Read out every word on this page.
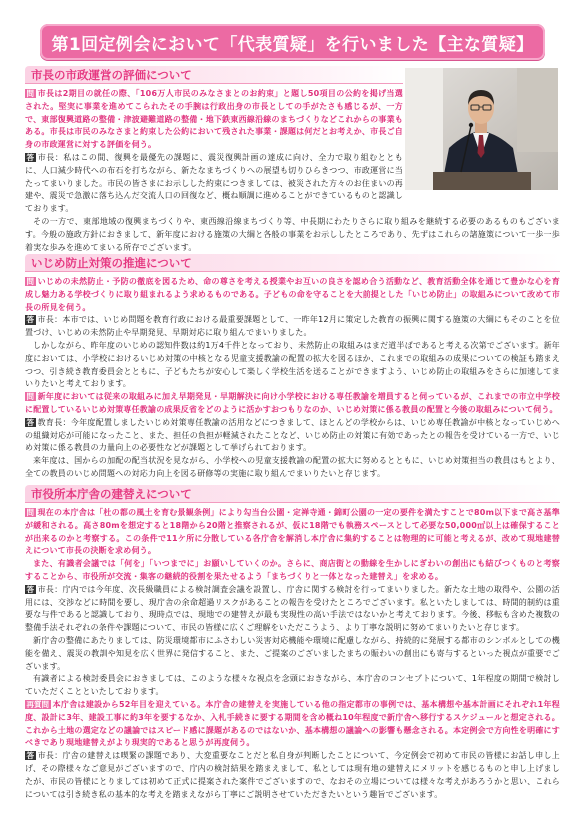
第1回定例会において「代表質疑」を行いました【主な質疑】
市長の市政運営の評価について

問 市長は2期目の就任の際、「106万人市民のみなさまとのお約束」と題し50項目の公約を掲げ当選された。堅実に事業を進めてこられたその手腕は行政出身の市長としての手がたさも感じるが、一方で、東部復興道路の整備・津波避難道路の整備・地下鉄東西線沿線のまちづくりなどこれからの事業もある。市長は市民のみなさまと約束した公約において残された事業・課題は何だとお考えか、市長ご自身の市政運営に対する評価を伺う。

答 市長：私はこの間、復興を最優先の課題に、震災復興計画の達成に向け、全力で取り組むとともに、人口減少時代への布石を打ちながら、新たなまちづくりへの展望も切りひらきつつ、市政運営に当たってまいりました。市民の皆さまにお示しした約束につきましては、被災された方々のお住まいの再建や、震災で急激に落ち込んだ交流人口の回復など、概ね順調に進めることができているものと認識しております。

その一方で、東部地域の復興まちづくりや、東西線沿線まちづくり等、中長期にわたりさらに取り組みを継続する必要のあるものもございます。今般の施政方針におきまして、新年度における施策の大綱と各般の事業をお示ししたところであり、先ずはこれらの諸施策について一歩一歩着実な歩みを進めてまいる所存でございます。

いじめ防止対策の推進について

問 いじめの未然防止・予防の徹底を図るため、命の尊さを考える授業やお互いの良さを認め合う活動など、教育活動全体を通じて豊かな心を育成し魅力ある学校づくりに取り組まれるよう求めるものである。子どもの命を守ることを大前提とした「いじめ防止」の取組みについて改めて市長の所見を伺う。

答 市長：本市では、いじめ問題を教育行政における最重要課題として、一昨年12月に策定した教育の振興に関する施策の大綱にもそのことを位置づけ、いじめの未然防止や早期発見、早期対応に取り組んでまいりました。

しかしながら、昨年度のいじめの認知件数は約1万4千件となっており、未然防止の取組みはまだ道半ばであると考える次第でございます。新年度においては、小学校におけるいじめ対策の中核となる児童支援教諭の配置の拡大を図るほか、これまでの取組みの成果についての検証も踏まえつつ、引き続き教育委員会とともに、子どもたちが安心して楽しく学校生活を送ることができますよう、いじめ防止の取組みをさらに加速してまいりたいと考えております。

問 新年度においては従来の取組みに加え早期発見・早期解決に向け小学校における専任教諭を増員すると伺っているが、これまでの市立中学校に配置しているいじめ対策専任教諭の成果反省をどのように活かすおつもりなのか、いじめ対策に係る教員の配置と今後の取組みについて伺う。

答 教育長：今年度配置しましたいじめ対策専任教諭の活用などにつきまして、ほとんどの学校からは、いじめ専任教諭が中核となっていじめへの組織対応が可能になったこと、また、担任の負担が軽減されたことなど、いじめ防止の対策に有効であったとの報告を受けている一方で、いじめ対策に係る教員の力量向上の必要性などが課題として挙げられております。

来年度は、国からの加配の配当状況を見ながら、小学校への児童支援教諭の配置の拡大に努めるとともに、いじめ対策担当の教員はもとより、全ての教員のいじめ問題への対応力向上を図る研修等の実施に取り組んでまいりたいと存じます。

市役所本庁舎の建替えについて

問 現在の本庁舎は「杜の都の風土を育む景観条例」により勾当台公園・定禅寺通・錦町公園の一定の要件を満たすことで80m以下まで高さ基準が緩和される。高さ80mを想定すると18階から20階と推察されるが、仮に18階でも執務スペースとして必要な50,000㎡以上は確保することが出来るのかと考察する。この条件で11ケ所に分散している各庁舎を解消し本庁舎に集約することは物理的に可能と考えるが、改めて現地建替えについて市長の決断を求め伺う。

また、有識者会議では「何を」「いつまでに」お願いしていくのか。さらに、商店街との動線を生かしにぎわいの創出にも結びつくものと考察することから、市役所が交流・集客の継続的役割を果たせるよう「まちづくりと一体となった建替え」を求める。

答 市長：庁内では今年度、次長級職員による検討調査会議を設置し、庁舎に関する検討を行ってまいりました。新たな土地の取得や、公園の活用には、交渉などに時間を要し、現庁舎の余命超過リスクがあることの報告を受けたところでございます。私といたしましては、時間的制約は重要な与件であると認識しており、現時点では、現地での建替えが最も実現性の高い手法ではないかと考えております。今後、移転も含めた複数の整備手法それぞれの条件や課題について、市民の皆様に広くご理解をいただこうよう、より丁寧な説明に努めてまいりたいと存じます。

新庁舎の整備にあたりましては、防災環境都市にふさわしい災害対応機能や環境に配慮しながら、持続的に発展する都市のシンボルとしての機能を備え、震災の教訓や知見を広く世界に発信すること、また、ご提案のございましたまちの賑わいの創出にも寄与するといった視点が重要でございます。

有識者による検討委員会におきましては、このような様々な視点を念頭におきながら、本庁舎のコンセプトについて、1年程度の期間で検討していただくことといたしております。

再質問 本庁舎は建設から52年目を迎えている。本庁舎の建替えを実施している他の指定都市の事例では、基本構想や基本計画にそれぞれ1年程度、設計に3年、建設工事に約3年を要するなか、入札手続きに要する期間を含め概ね10年程度で新庁舎へ移行するスケジュールと想定される。これから土地の選定などの議論ではスピード感に課題があるのではないか、基本構想の議論への影響も懸念される。本定例会で方向性を明確にすべきであり現地建替えがより現実的であると思うが再度伺う。

答 市長：庁舎の建替えは喫緊の課題であり、大変重要なことだと私自身が判断したことについて、今定例会で初めて市民の皆様にお話し申し上げ、その際様々なご意見がございますので、庁内の検討結果を踏まえまして、私としては現有地の建替えにメリットを感じるものと申し上げましたが、市民の皆様にとりましては初めて正式に提案された案件でございますので、なおその立場については様々な考えがあろうかと思い、これらについては引き続き私の基本的な考えを踏まえながら丁寧にご説明させていただきたいという趣旨でございます。
